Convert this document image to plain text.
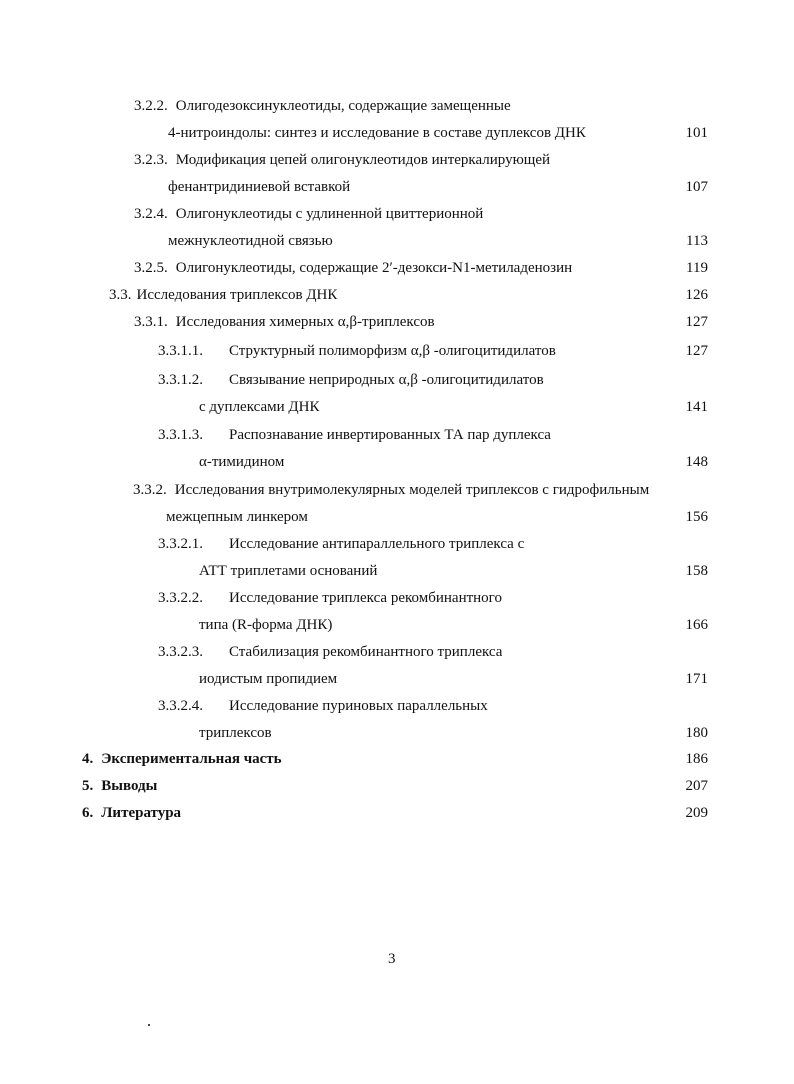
3.2.2. Олигодезоксинуклеотиды, содержащие замещенные
4-нитроиндолы: синтез и исследование в составе дуплексов ДНК	101
3.2.3. Модификация цепей олигонуклеотидов интеркалирующей
фенантридиниевой вставкой	107
3.2.4. Олигонуклеотиды с удлиненной цвиттерионной
межнуклеотидной связью	113
3.2.5. Олигонуклеотиды, содержащие 2′-дезокси-N1-метиладенозин	119
3.3. Исследования триплексов ДНК	126
3.3.1. Исследования химерных α,β-триплексов	127
3.3.1.1. Структурный полиморфизм α,β -олигоцитидилатов	127
3.3.1.2. Связывание неприродных α,β -олигоцитидилатов
с дуплексами ДНК	141
3.3.1.3. Распознавание инвертированных ТА пар дуплекса
α-тимидином	148
3.3.2. Исследования внутримолекулярных моделей триплексов с гидрофильным
межцепным линкером	156
3.3.2.1. Исследование антипараллельного триплекса с
АТТ триплетами оснований	158
3.3.2.2. Исследование триплекса рекомбинантного
типа (R-форма ДНК)	166
3.3.2.3. Стабилизация рекомбинантного триплекса
иодистым пропидием	171
3.3.2.4. Исследование пуриновых параллельных
триплексов	180
4. Экспериментальная часть	186
5. Выводы	207
6. Литература	209
3
